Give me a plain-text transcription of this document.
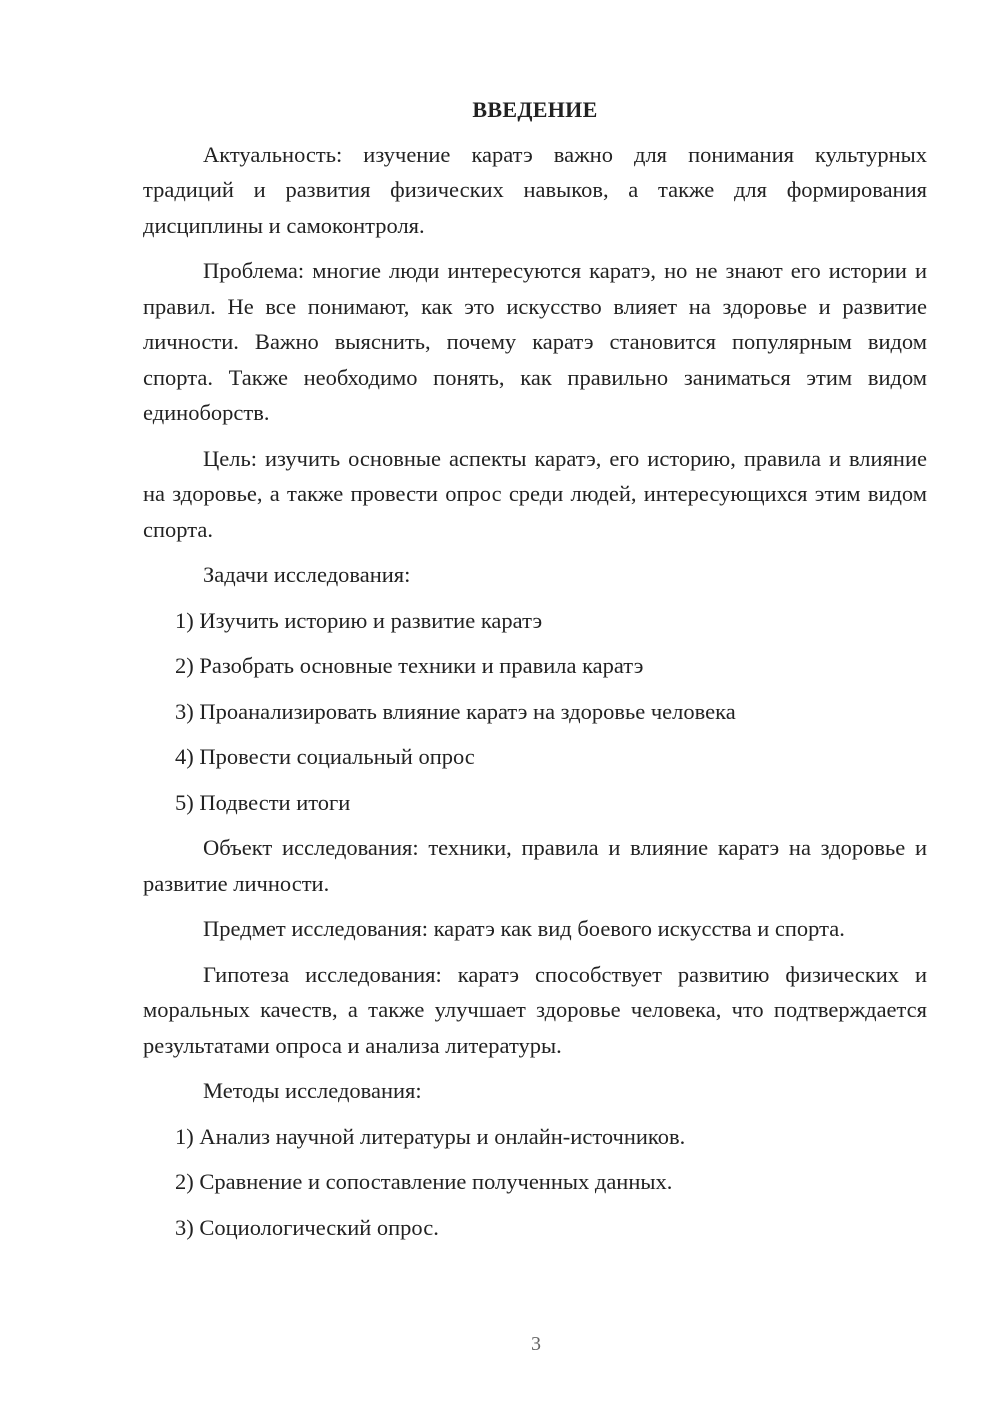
ВВЕДЕНИЕ

Актуальность: изучение каратэ важно для понимания культурных традиций и развития физических навыков, а также для формирования дисциплины и самоконтроля.

Проблема: многие люди интересуются каратэ, но не знают его истории и правил. Не все понимают, как это искусство влияет на здоровье и развитие личности. Важно выяснить, почему каратэ становится популярным видом спорта. Также необходимо понять, как правильно заниматься этим видом единоборств.

Цель: изучить основные аспекты каратэ, его историю, правила и влияние на здоровье, а также провести опрос среди людей, интересующихся этим видом спорта.

Задачи исследования:

1) Изучить историю и развитие каратэ
2) Разобрать основные техники и правила каратэ
3) Проанализировать влияние каратэ на здоровье человека
4) Провести социальный опрос
5) Подвести итоги

Объект исследования: техники, правила и влияние каратэ на здоровье и развитие личности.

Предмет исследования: каратэ как вид боевого искусства и спорта.

Гипотеза исследования: каратэ способствует развитию физических и моральных качеств, а также улучшает здоровье человека, что подтверждается результатами опроса и анализа литературы.

Методы исследования:

1) Анализ научной литературы и онлайн-источников.
2) Сравнение и сопоставление полученных данных.
3) Социологический опрос.
3
